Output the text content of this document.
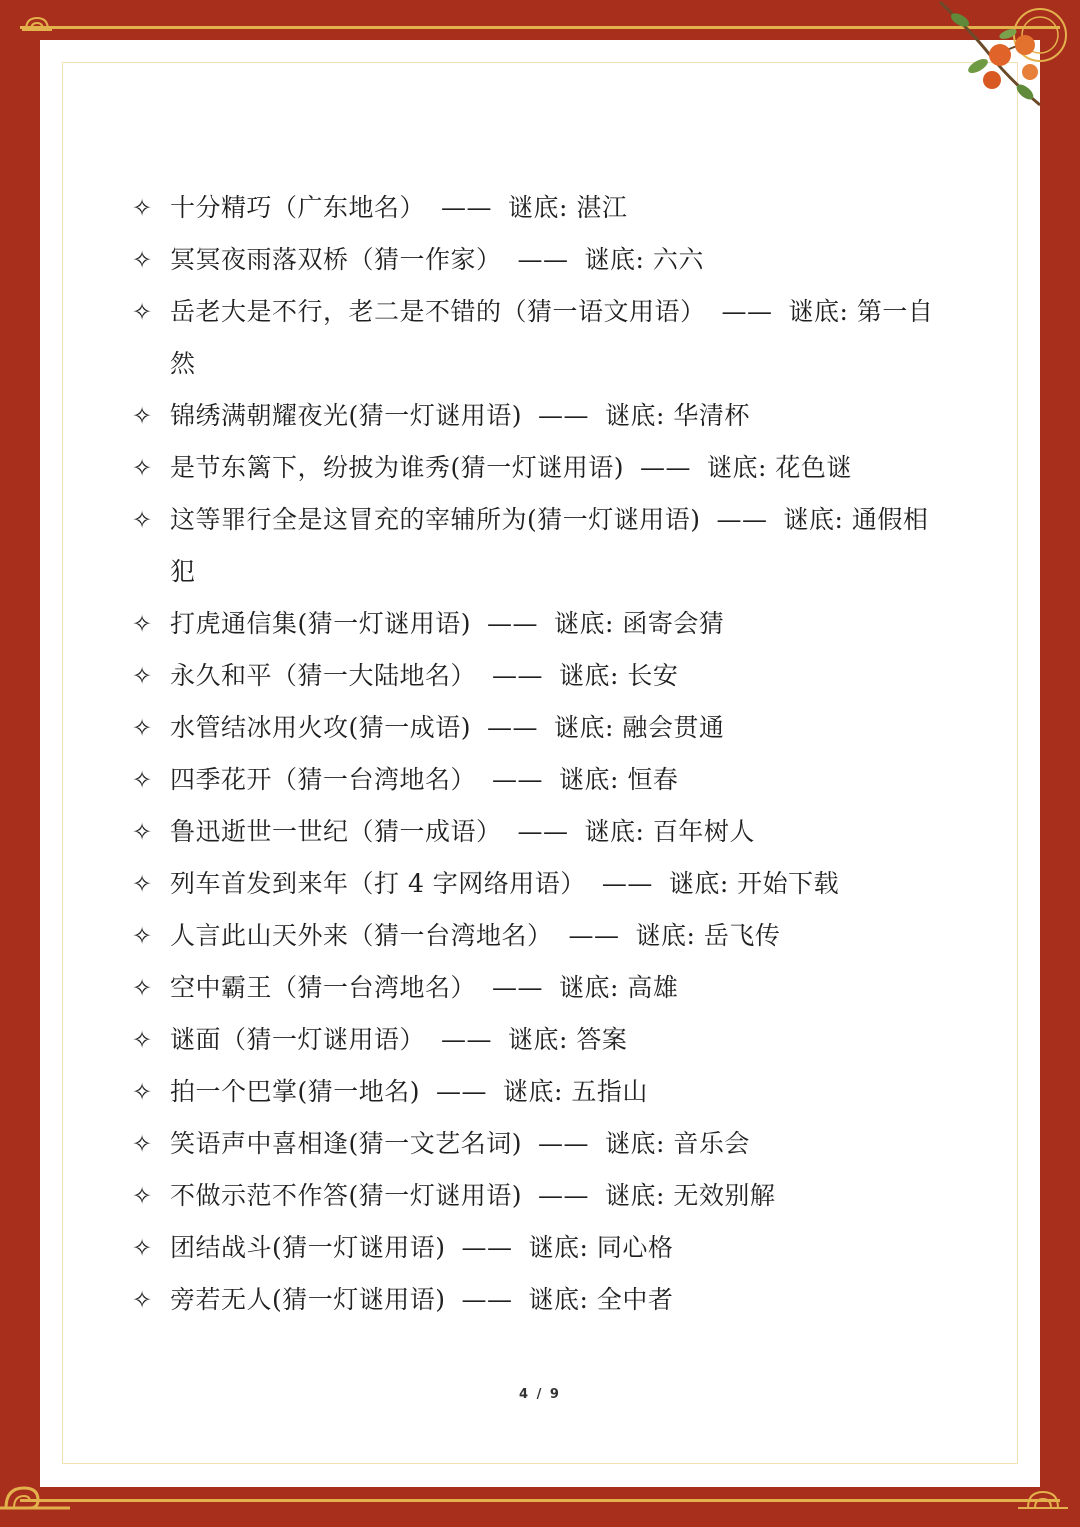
✧ 十分精巧（广东地名） —— 谜底: 湛江
✧ 冥冥夜雨落双桥（猜一作家） —— 谜底: 六六
✧ 岳老大是不行，老二是不错的（猜一语文用语） —— 谜底: 第一自然
✧ 锦绣满朝耀夜光(猜一灯谜用语) —— 谜底: 华清杯
✧ 是节东篱下，纷披为谁秀(猜一灯谜用语) —— 谜底: 花色谜
✧ 这等罪行全是这冒充的宰辅所为(猜一灯谜用语) —— 谜底: 通假相犯
✧ 打虎通信集(猜一灯谜用语) —— 谜底: 函寄会猜
✧ 永久和平（猜一大陆地名） —— 谜底: 长安
✧ 水管结冰用火攻(猜一成语) —— 谜底: 融会贯通
✧ 四季花开（猜一台湾地名） —— 谜底: 恒春
✧ 鲁迅逝世一世纪（猜一成语） —— 谜底: 百年树人
✧ 列车首发到来年（打 4 字网络用语） —— 谜底: 开始下载
✧ 人言此山天外来（猜一台湾地名） —— 谜底: 岳飞传
✧ 空中霸王（猜一台湾地名） —— 谜底: 高雄
✧ 谜面（猜一灯谜用语） —— 谜底: 答案
✧ 拍一个巴掌(猜一地名) —— 谜底: 五指山
✧ 笑语声中喜相逢(猜一文艺名词) —— 谜底: 音乐会
✧ 不做示范不作答(猜一灯谜用语) —— 谜底: 无效别解
✧ 团结战斗(猜一灯谜用语) —— 谜底: 同心格
✧ 旁若无人(猜一灯谜用语) —— 谜底: 全中者
4 / 9
